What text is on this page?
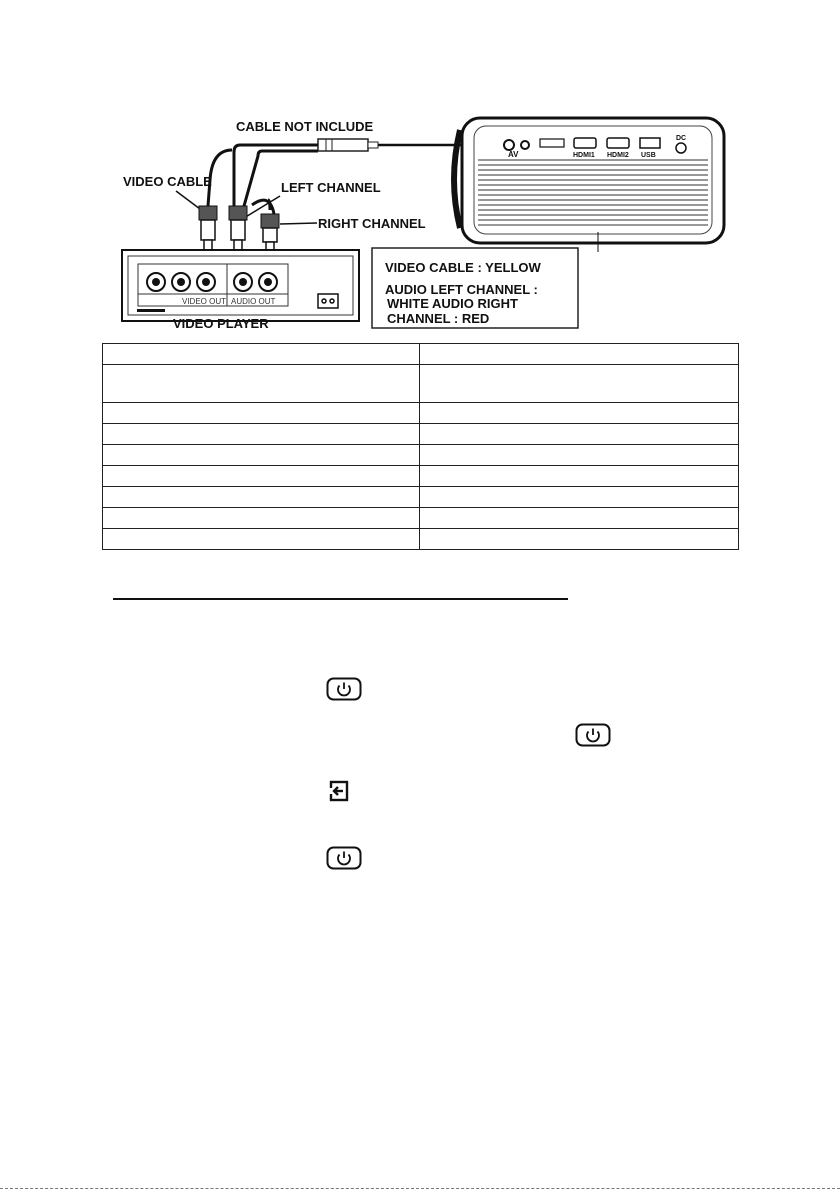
CABLE NOT INCLUDE
VIDEO CABLE	LEFT CHANNEL
RIGHT CHANNEL
VIDEO OUT AUDIO OUT
VIDEO PLAYER
VIDEO CABLE : YELLOW
AUDIO LEFT CHANNEL :
WHITE AUDIO RIGHT
CHANNEL : RED
AV	HDMI1 HDMI2 USB
DC
